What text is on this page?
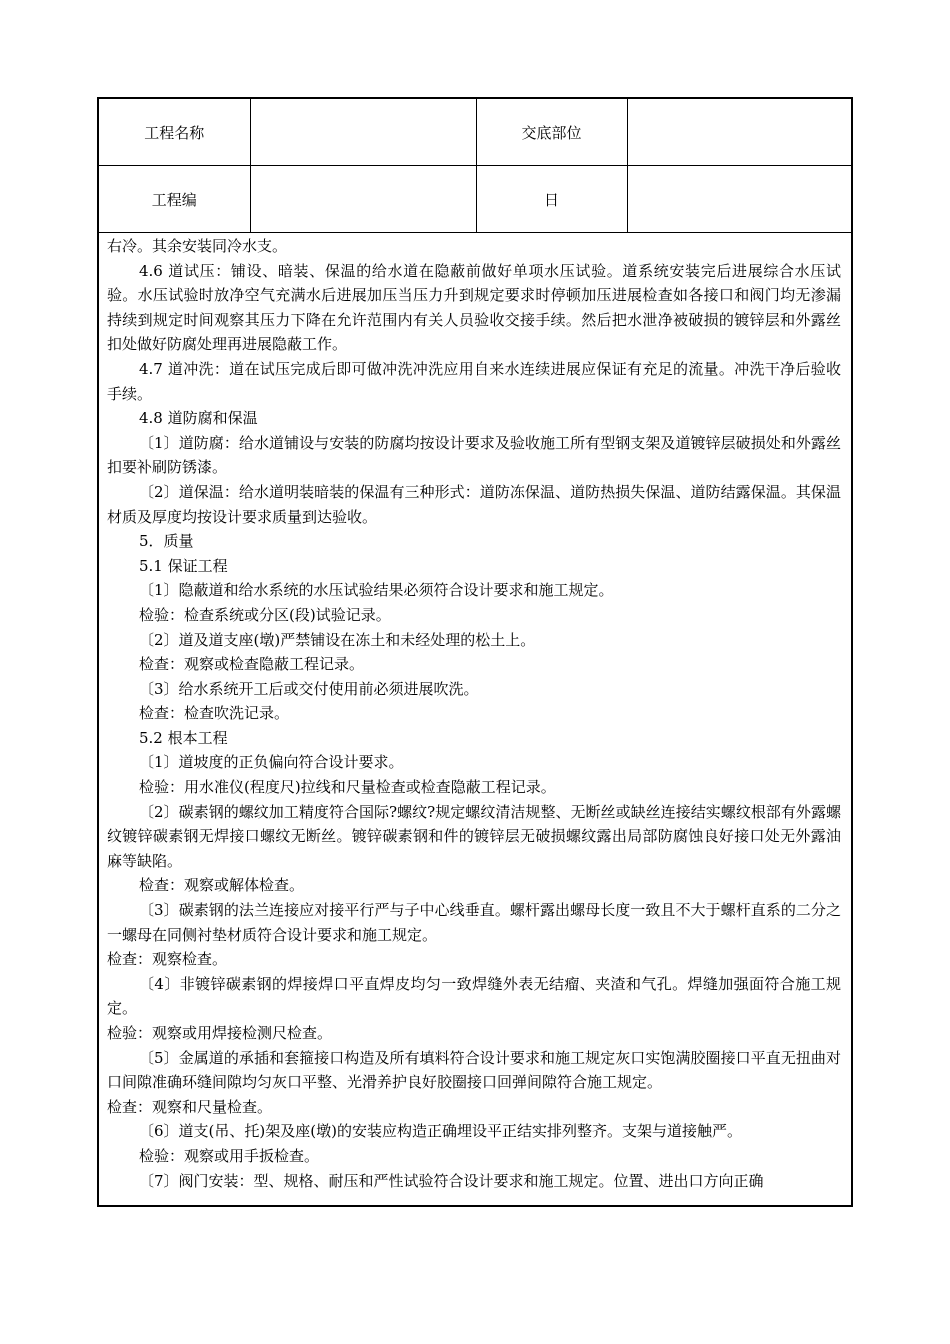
工程名称		交底部位	
工程编		日	

右冷。其余安装同冷水支。

4.6 道试压：铺设、暗装、保温的给水道在隐蔽前做好单项水压试验。道系统安装完后进展综合水压试验。水压试验时放净空气充满水后进展加压当压力升到规定要求时停顿加压进展检查如各接口和阀门均无渗漏持续到规定时间观察其压力下降在允许范围内有关人员验收交接手续。然后把水泄净被破损的镀锌层和外露丝扣处做好防腐处理再进展隐蔽工作。

4.7 道冲洗：道在试压完成后即可做冲洗冲洗应用自来水连续进展应保证有充足的流量。冲洗干净后验收手续。

4.8 道防腐和保温

〔1〕道防腐：给水道铺设与安装的防腐均按设计要求及验收施工所有型钢支架及道镀锌层破损处和外露丝扣要补刷防锈漆。

〔2〕道保温：给水道明装暗装的保温有三种形式：道防冻保温、道防热损失保温、道防结露保温。其保温材质及厚度均按设计要求质量到达验收。

5．质量

5.1 保证工程

〔1〕隐蔽道和给水系统的水压试验结果必须符合设计要求和施工规定。

检验：检查系统或分区(段)试验记录。

〔2〕道及道支座(墩)严禁铺设在冻土和未经处理的松土上。

检查：观察或检查隐蔽工程记录。

〔3〕给水系统开工后或交付使用前必须进展吹洗。

检查：检查吹洗记录。

5.2 根本工程

〔1〕道坡度的正负偏向符合设计要求。

检验：用水准仪(程度尺)拉线和尺量检查或检查隐蔽工程记录。

〔2〕碳素钢的螺纹加工精度符合国际?螺纹?规定螺纹清洁规整、无断丝或缺丝连接结实螺纹根部有外露螺纹镀锌碳素钢无焊接口螺纹无断丝。镀锌碳素钢和件的镀锌层无破损螺纹露出局部防腐蚀良好接口处无外露油麻等缺陷。

检查：观察或解体检查。

〔3〕碳素钢的法兰连接应对接平行严与子中心线垂直。螺杆露出螺母长度一致且不大于螺杆直系的二分之一螺母在同侧衬垫材质符合设计要求和施工规定。

检查：观察检查。

〔4〕非镀锌碳素钢的焊接焊口平直焊皮均匀一致焊缝外表无结瘤、夹渣和气孔。焊缝加强面符合施工规定。

检验：观察或用焊接检测尺检查。

〔5〕金属道的承插和套箍接口构造及所有填料符合设计要求和施工规定灰口实饱满胶圈接口平直无扭曲对口间隙准确环缝间隙均匀灰口平整、光滑养护良好胶圈接口回弹间隙符合施工规定。

检查：观察和尺量检查。

〔6〕道支(吊、托)架及座(墩)的安装应构造正确埋设平正结实排列整齐。支架与道接触严。

检验：观察或用手扳检查。

〔7〕阀门安装：型、规格、耐压和严性试验符合设计要求和施工规定。位置、进出口方向正确
